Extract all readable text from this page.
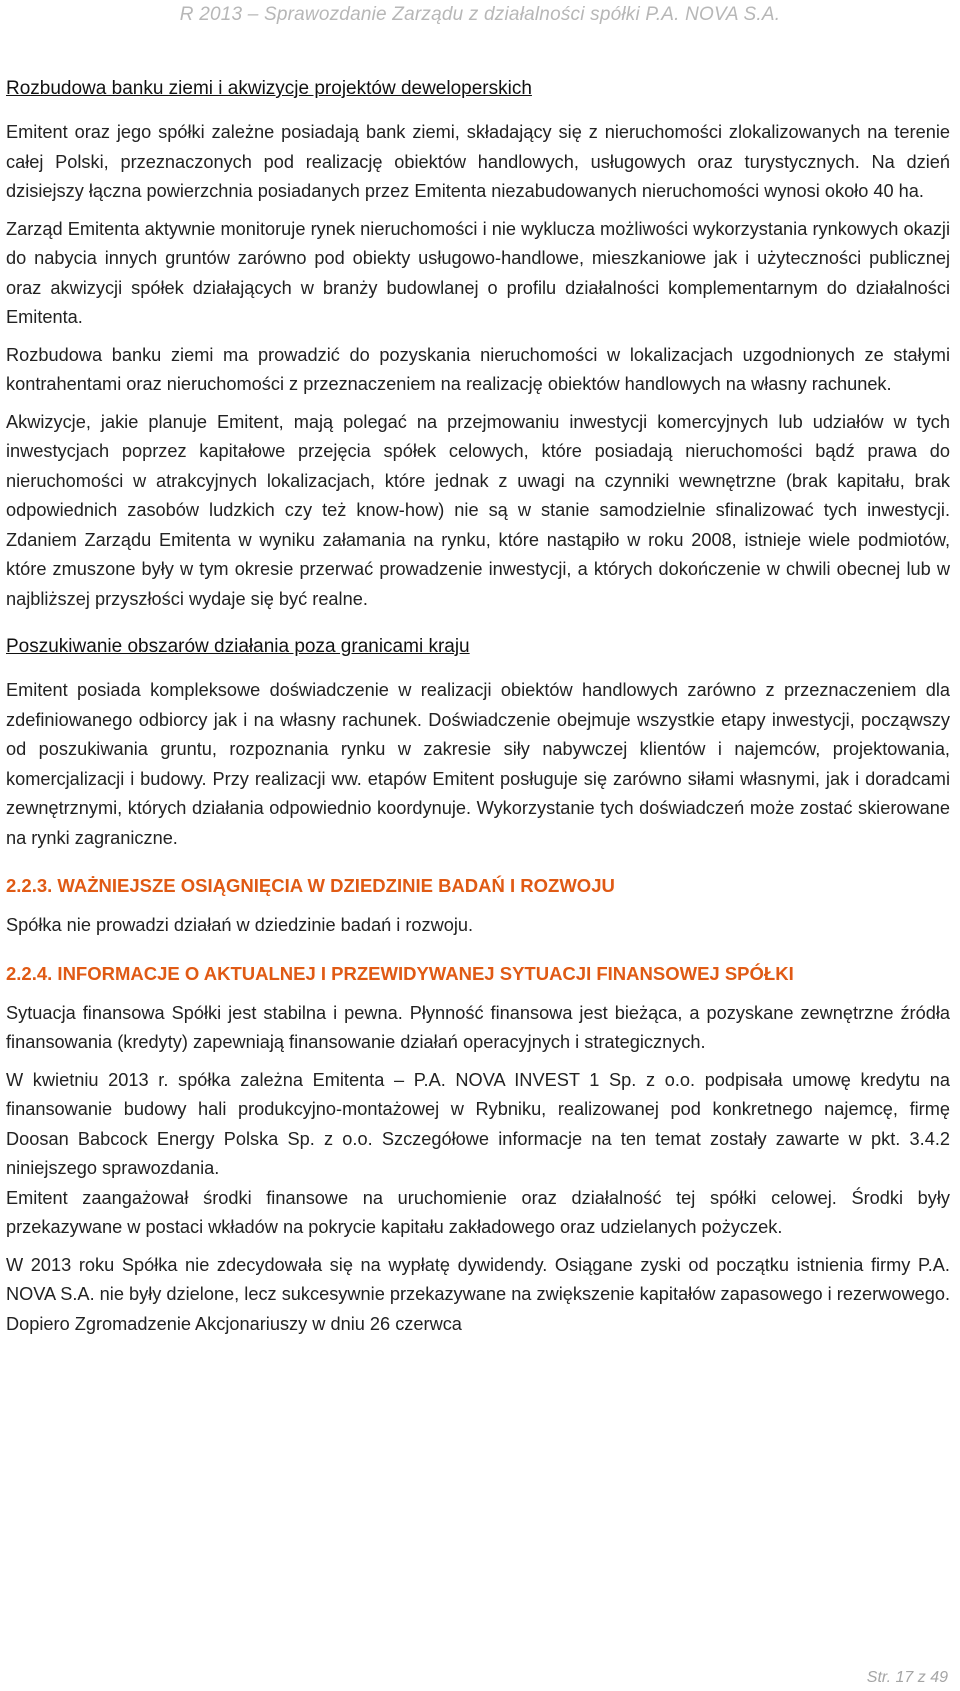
R 2013 – Sprawozdanie Zarządu z działalności spółki P.A. NOVA S.A.
Rozbudowa banku ziemi i akwizycje projektów deweloperskich

Emitent oraz jego spółki zależne posiadają bank ziemi, składający się z nieruchomości zlokalizowanych na terenie całej Polski, przeznaczonych pod realizację obiektów handlowych, usługowych oraz turystycznych. Na dzień dzisiejszy łączna powierzchnia posiadanych przez Emitenta niezabudowanych nieruchomości wynosi około 40 ha.

Zarząd Emitenta aktywnie monitoruje rynek nieruchomości i nie wyklucza możliwości wykorzystania rynkowych okazji do nabycia innych gruntów zarówno pod obiekty usługowo-handlowe, mieszkaniowe jak i użyteczności publicznej oraz akwizycji spółek działających w branży budowlanej o profilu działalności komplementarnym do działalności Emitenta.

Rozbudowa banku ziemi ma prowadzić do pozyskania nieruchomości w lokalizacjach uzgodnionych ze stałymi kontrahentami oraz nieruchomości z przeznaczeniem na realizację obiektów handlowych na własny rachunek.

Akwizycje, jakie planuje Emitent, mają polegać na przejmowaniu inwestycji komercyjnych lub udziałów w tych inwestycjach poprzez kapitałowe przejęcia spółek celowych, które posiadają nieruchomości bądź prawa do nieruchomości w atrakcyjnych lokalizacjach, które jednak z uwagi na czynniki wewnętrzne (brak kapitału, brak odpowiednich zasobów ludzkich czy też know-how) nie są w stanie samodzielnie sfinalizować tych inwestycji. Zdaniem Zarządu Emitenta w wyniku załamania na rynku, które nastąpiło w roku 2008, istnieje wiele podmiotów, które zmuszone były w tym okresie przerwać prowadzenie inwestycji, a których dokończenie w chwili obecnej lub w najbliższej przyszłości wydaje się być realne.

Poszukiwanie obszarów działania poza granicami kraju

Emitent posiada kompleksowe doświadczenie w realizacji obiektów handlowych zarówno z przeznaczeniem dla zdefiniowanego odbiorcy jak i na własny rachunek. Doświadczenie obejmuje wszystkie etapy inwestycji, począwszy od poszukiwania gruntu, rozpoznania rynku w zakresie siły nabywczej klientów i najemców, projektowania, komercjalizacji i budowy. Przy realizacji ww. etapów Emitent posługuje się zarówno siłami własnymi, jak i doradcami zewnętrznymi, których działania odpowiednio koordynuje. Wykorzystanie tych doświadczeń może zostać skierowane na rynki zagraniczne.

2.2.3. WAŻNIEJSZE OSIĄGNIĘCIA W DZIEDZINIE BADAŃ I ROZWOJU

Spółka nie prowadzi działań w dziedzinie badań i rozwoju.

2.2.4. INFORMACJE O AKTUALNEJ I PRZEWIDYWANEJ SYTUACJI FINANSOWEJ SPÓŁKI

Sytuacja finansowa Spółki jest stabilna i pewna. Płynność finansowa jest bieżąca, a pozyskane zewnętrzne źródła finansowania (kredyty) zapewniają finansowanie działań operacyjnych i strategicznych.

W kwietniu 2013 r. spółka zależna Emitenta – P.A. NOVA INVEST 1 Sp. z o.o. podpisała umowę kredytu na finansowanie budowy hali produkcyjno-montażowej w Rybniku, realizowanej pod konkretnego najemcę, firmę Doosan Babcock Energy Polska Sp. z o.o. Szczegółowe informacje na ten temat zostały zawarte w pkt. 3.4.2 niniejszego sprawozdania.

Emitent zaangażował środki finansowe na uruchomienie oraz działalność tej spółki celowej. Środki były przekazywane w postaci wkładów na pokrycie kapitału zakładowego oraz udzielanych pożyczek.

W 2013 roku Spółka nie zdecydowała się na wypłatę dywidendy. Osiągane zyski od początku istnienia firmy P.A. NOVA S.A. nie były dzielone, lecz sukcesywnie przekazywane na zwiększenie kapitałów zapasowego i rezerwowego. Dopiero Zgromadzenie Akcjonariuszy w dniu 26 czerwca

Str. 17 z 49
